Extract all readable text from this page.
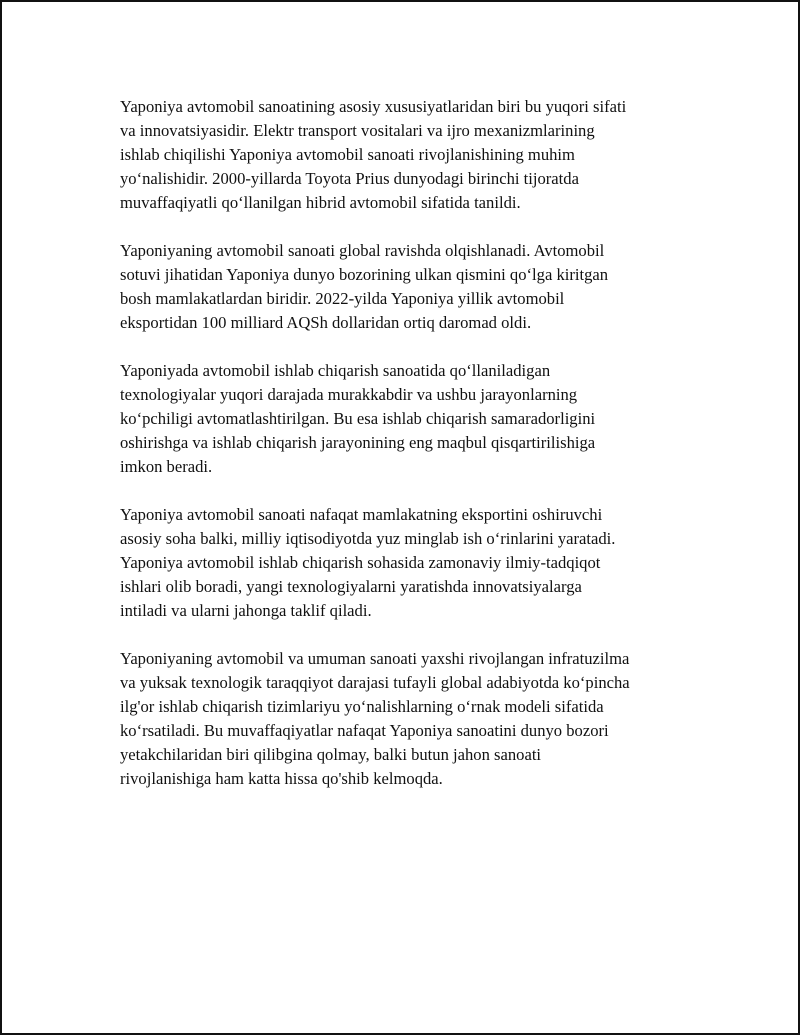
Yaponiya avtomobil sanoatining asosiy xususiyatlaridan biri bu yuqori sifati
va innovatsiyasidir. Elektr transport vositalari va ijro mexanizmlarining
ishlab chiqilishi Yaponiya avtomobil sanoati rivojlanishining muhim
yo‘nalishidir. 2000-yillarda Toyota Prius dunyodagi birinchi tijoratda
muvaffaqiyatli qo‘llanilgan hibrid avtomobil sifatida tanildi.

Yaponiyaning avtomobil sanoati global ravishda olqishlanadi. Avtomobil
sotuvi jihatidan Yaponiya dunyo bozorining ulkan qismini qo‘lga kiritgan
bosh mamlakatlardan biridir. 2022-yilda Yaponiya yillik avtomobil
eksportidan 100 milliard AQSh dollaridan ortiq daromad oldi.

Yaponiyada avtomobil ishlab chiqarish sanoatida qo‘llaniladigan
texnologiyalar yuqori darajada murakkabdir va ushbu jarayonlarning
ko‘pchiligi avtomatlashtirilgan. Bu esa ishlab chiqarish samaradorligini
oshirishga va ishlab chiqarish jarayonining eng maqbul qisqartirilishiga
imkon beradi.

Yaponiya avtomobil sanoati nafaqat mamlakatning eksportini oshiruvchi
asosiy soha balki, milliy iqtisodiyotda yuz minglab ish o‘rinlarini yaratadi.
Yaponiya avtomobil ishlab chiqarish sohasida zamonaviy ilmiy-tadqiqot
ishlari olib boradi, yangi texnologiyalarni yaratishda innovatsiyalarga
intiladi va ularni jahonga taklif qiladi.

Yaponiyaning avtomobil va umuman sanoati yaxshi rivojlangan infratuzilma
va yuksak texnologik taraqqiyot darajasi tufayli global adabiyotda ko‘pincha
ilg'or ishlab chiqarish tizimlariyu yo‘nalishlarning o‘rnak modeli sifatida
ko‘rsatiladi. Bu muvaffaqiyatlar nafaqat Yaponiya sanoatini dunyo bozori
yetakchilaridan biri qilibgina qolmay, balki butun jahon sanoati
rivojlanishiga ham katta hissa qo'shib kelmoqda.
